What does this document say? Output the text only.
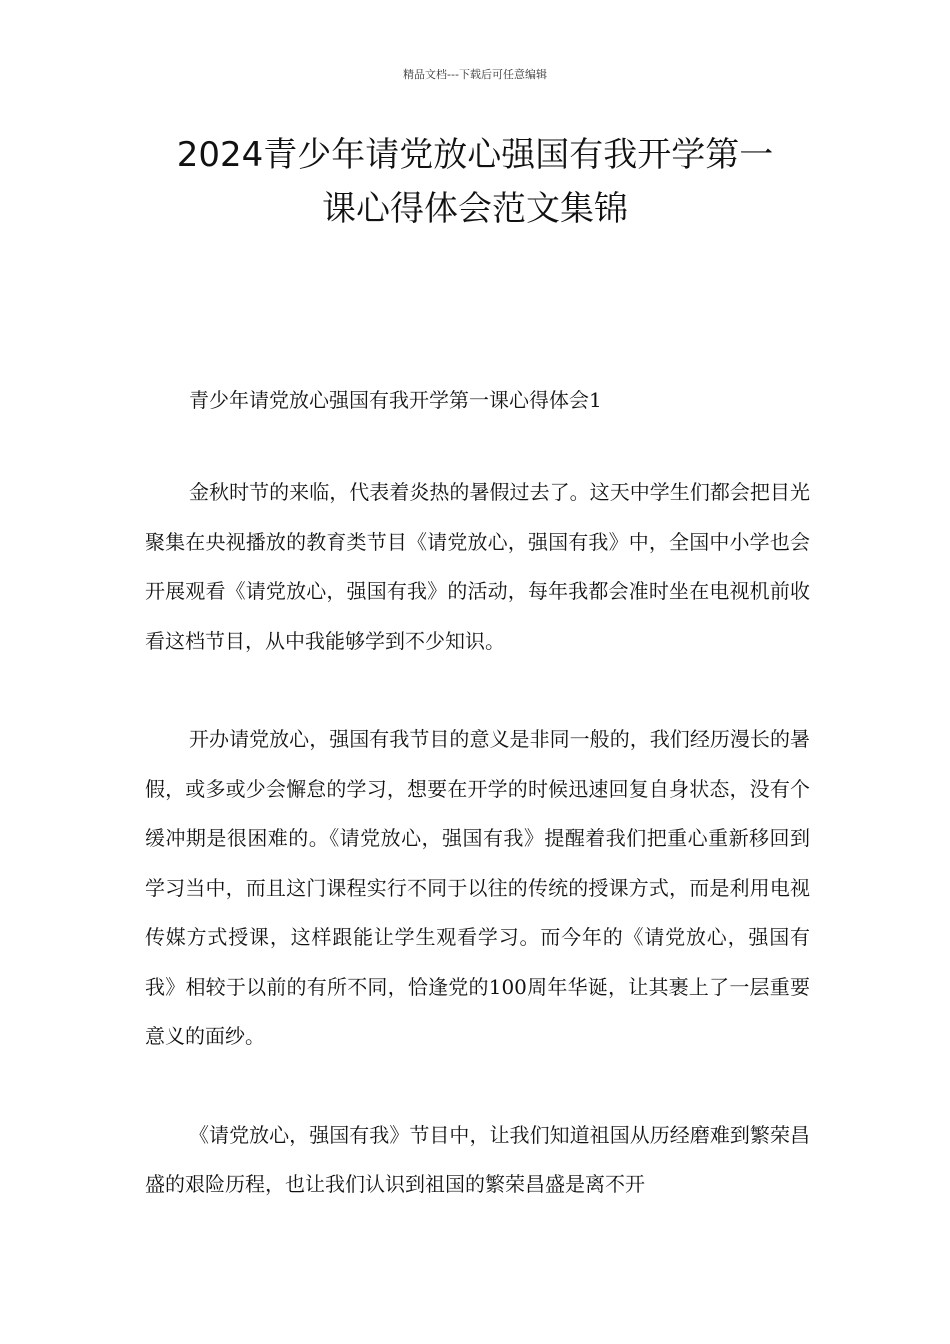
精品文档---下载后可任意编辑
2024青少年请党放心强国有我开学第一
课心得体会范文集锦

青少年请党放心强国有我开学第一课心得体会1

金秋时节的来临，代表着炎热的暑假过去了。这天中学生们都会把目光聚集在央视播放的教育类节目《请党放心，强国有我》中，全国中小学也会开展观看《请党放心，强国有我》的活动，每年我都会准时坐在电视机前收看这档节目，从中我能够学到不少知识。

开办请党放心，强国有我节目的意义是非同一般的，我们经历漫长的暑假，或多或少会懈怠的学习，想要在开学的时候迅速回复自身状态，没有个缓冲期是很困难的。《请党放心，强国有我》提醒着我们把重心重新移回到学习当中，而且这门课程实行不同于以往的传统的授课方式，而是利用电视传媒方式授课，这样跟能让学生观看学习。而今年的《请党放心，强国有我》相较于以前的有所不同，恰逢党的100周年华诞，让其裹上了一层重要意义的面纱。

《请党放心，强国有我》节目中，让我们知道祖国从历经磨难到繁荣昌盛的艰险历程，也让我们认识到祖国的繁荣昌盛是离不开
